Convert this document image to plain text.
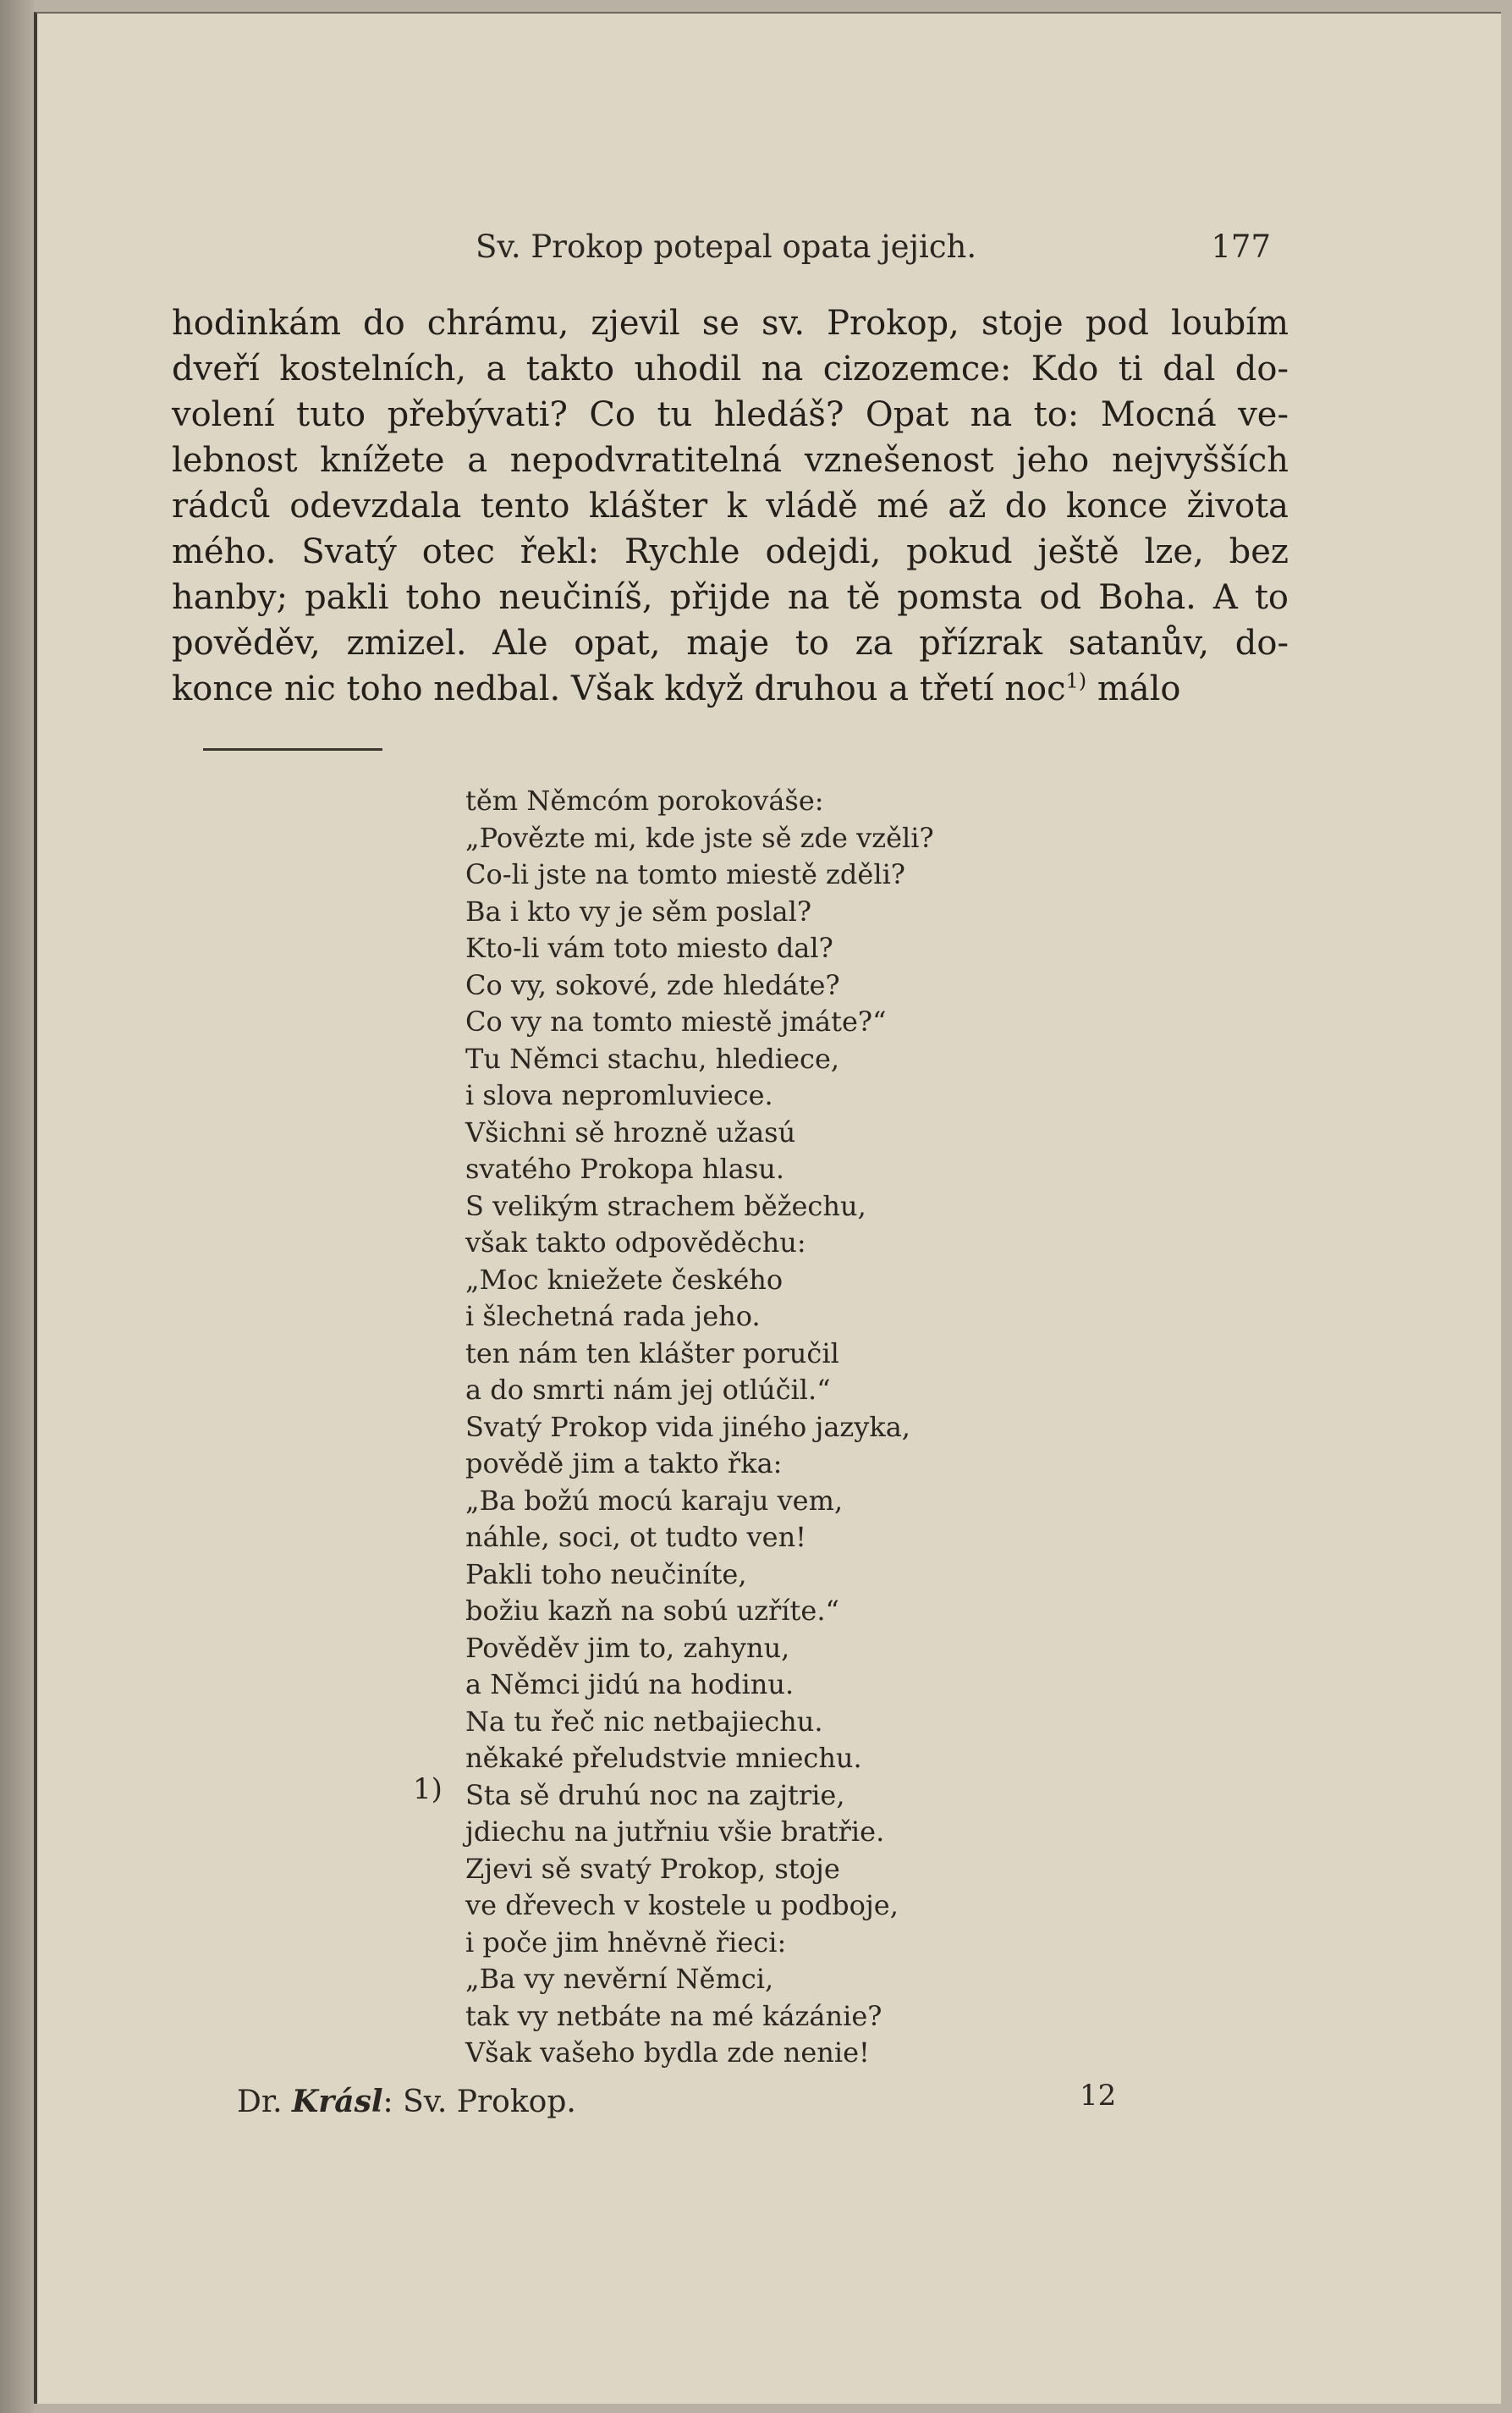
Sv. Prokop potepal opata jejich.	177
hodinkám do chrámu, zjevil se sv. Prokop, stoje pod loubím
dveří kostelních, a takto uhodil na cizozemce: Kdo ti dal do-
volení tuto přebývati? Co tu hledáš? Opat na to: Mocná ve-
lebnost knížete a nepodvratitelná vznešenost jeho nejvyšších
rádců odevzdala tento klášter k vládě mé až do konce života
mého. Svatý otec řekl: Rychle odejdi, pokud ještě lze, bez
hanby; pakli toho neučiníš, přijde na tě pomsta od Boha. A to
pověděv, zmizel. Ale opat, maje to za přízrak satanův, do-
konce nic toho nedbal. Však když druhou a třetí noc$^{1)}$ málo
1)
těm Němcóm porokováše:
„Povězte mi, kde jste sě zde vzěli?
Co-li jste na tomto miestě zděli?
Ba i kto vy je sěm poslal?
Kto-li vám toto miesto dal?
Co vy, sokové, zde hledáte?
Co vy na tomto miestě jmáte?“
Tu Němci stachu, hlediece,
i slova nepromluviece.
Všichni sě hrozně užasú
svatého Prokopa hlasu.
S velikým strachem běžechu,
však takto odpověděchu:
„Moc kniežete českého
i šlechetná rada jeho.
ten nám ten klášter poručil
a do smrti nám jej otlúčil.“
Svatý Prokop vida jiného jazyka,
povědě jim a takto řka:
„Ba božú mocú karaju vem,
náhle, soci, ot tudto ven!
Pakli toho neučiníte,
božiu kazň na sobú uzříte.“
Pověděv jim to, zahynu,
a Němci jidú na hodinu.
Na tu řeč nic netbajiechu.
někaké přeludstvie mniechu.
Sta sě druhú noc na zajtrie,
jdiechu na jutřniu všie bratřie.
Zjevi sě svatý Prokop, stoje
ve dřevech v kostele u podboje,
i poče jim hněvně řieci:
„Ba vy nevěrní Němci,
tak vy netbáte na mé kázánie?
Však vašeho bydla zde nenie!
Dr. Krásl: Sv. Prokop.	12
